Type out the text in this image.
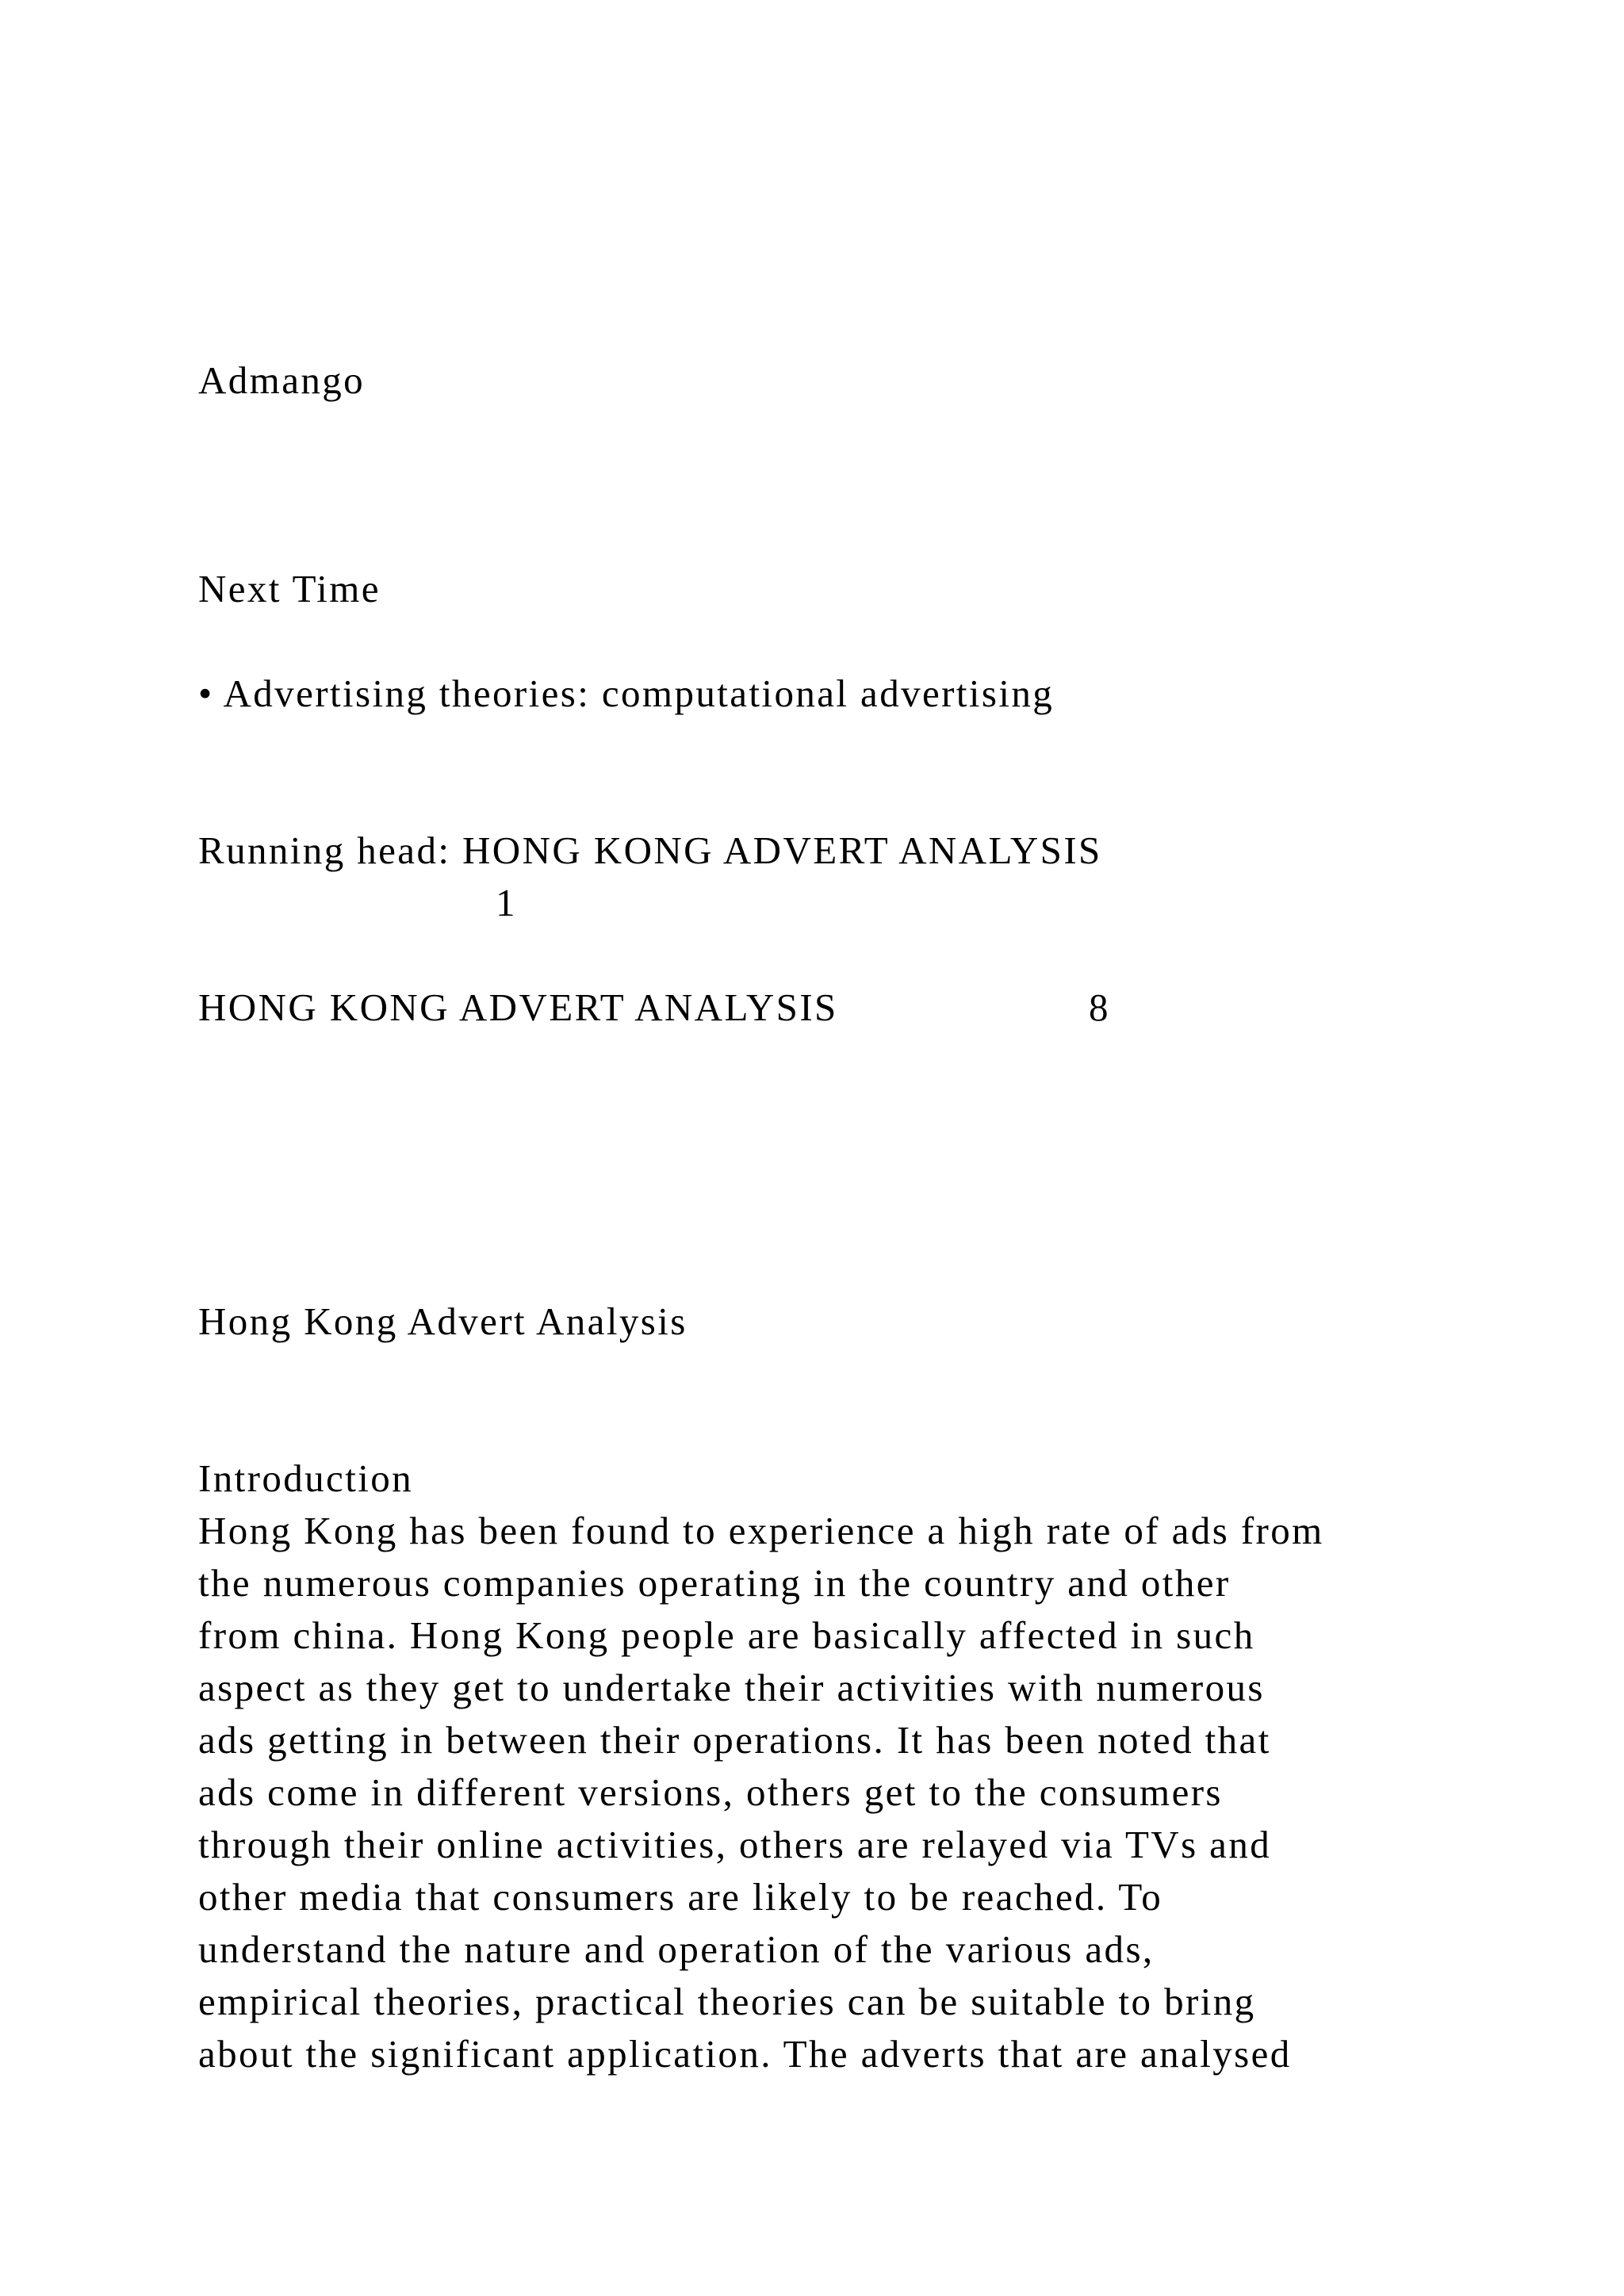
Admango

Next Time

• Advertising theories: computational advertising

Running head: HONG KONG ADVERT ANALYSIS

1

HONG KONG ADVERT ANALYSIS	8

Hong Kong Advert Analysis

Introduction

Hong Kong has been found to experience a high rate of ads from

the numerous companies operating in the country and other

from china. Hong Kong people are basically affected in such

aspect as they get to undertake their activities with numerous

ads getting in between their operations. It has been noted that

ads come in different versions, others get to the consumers

through their online activities, others are relayed via TVs and

other media that consumers are likely to be reached. To

understand the nature and operation of the various ads,

empirical theories, practical theories can be suitable to bring

about the significant application. The adverts that are analysed
